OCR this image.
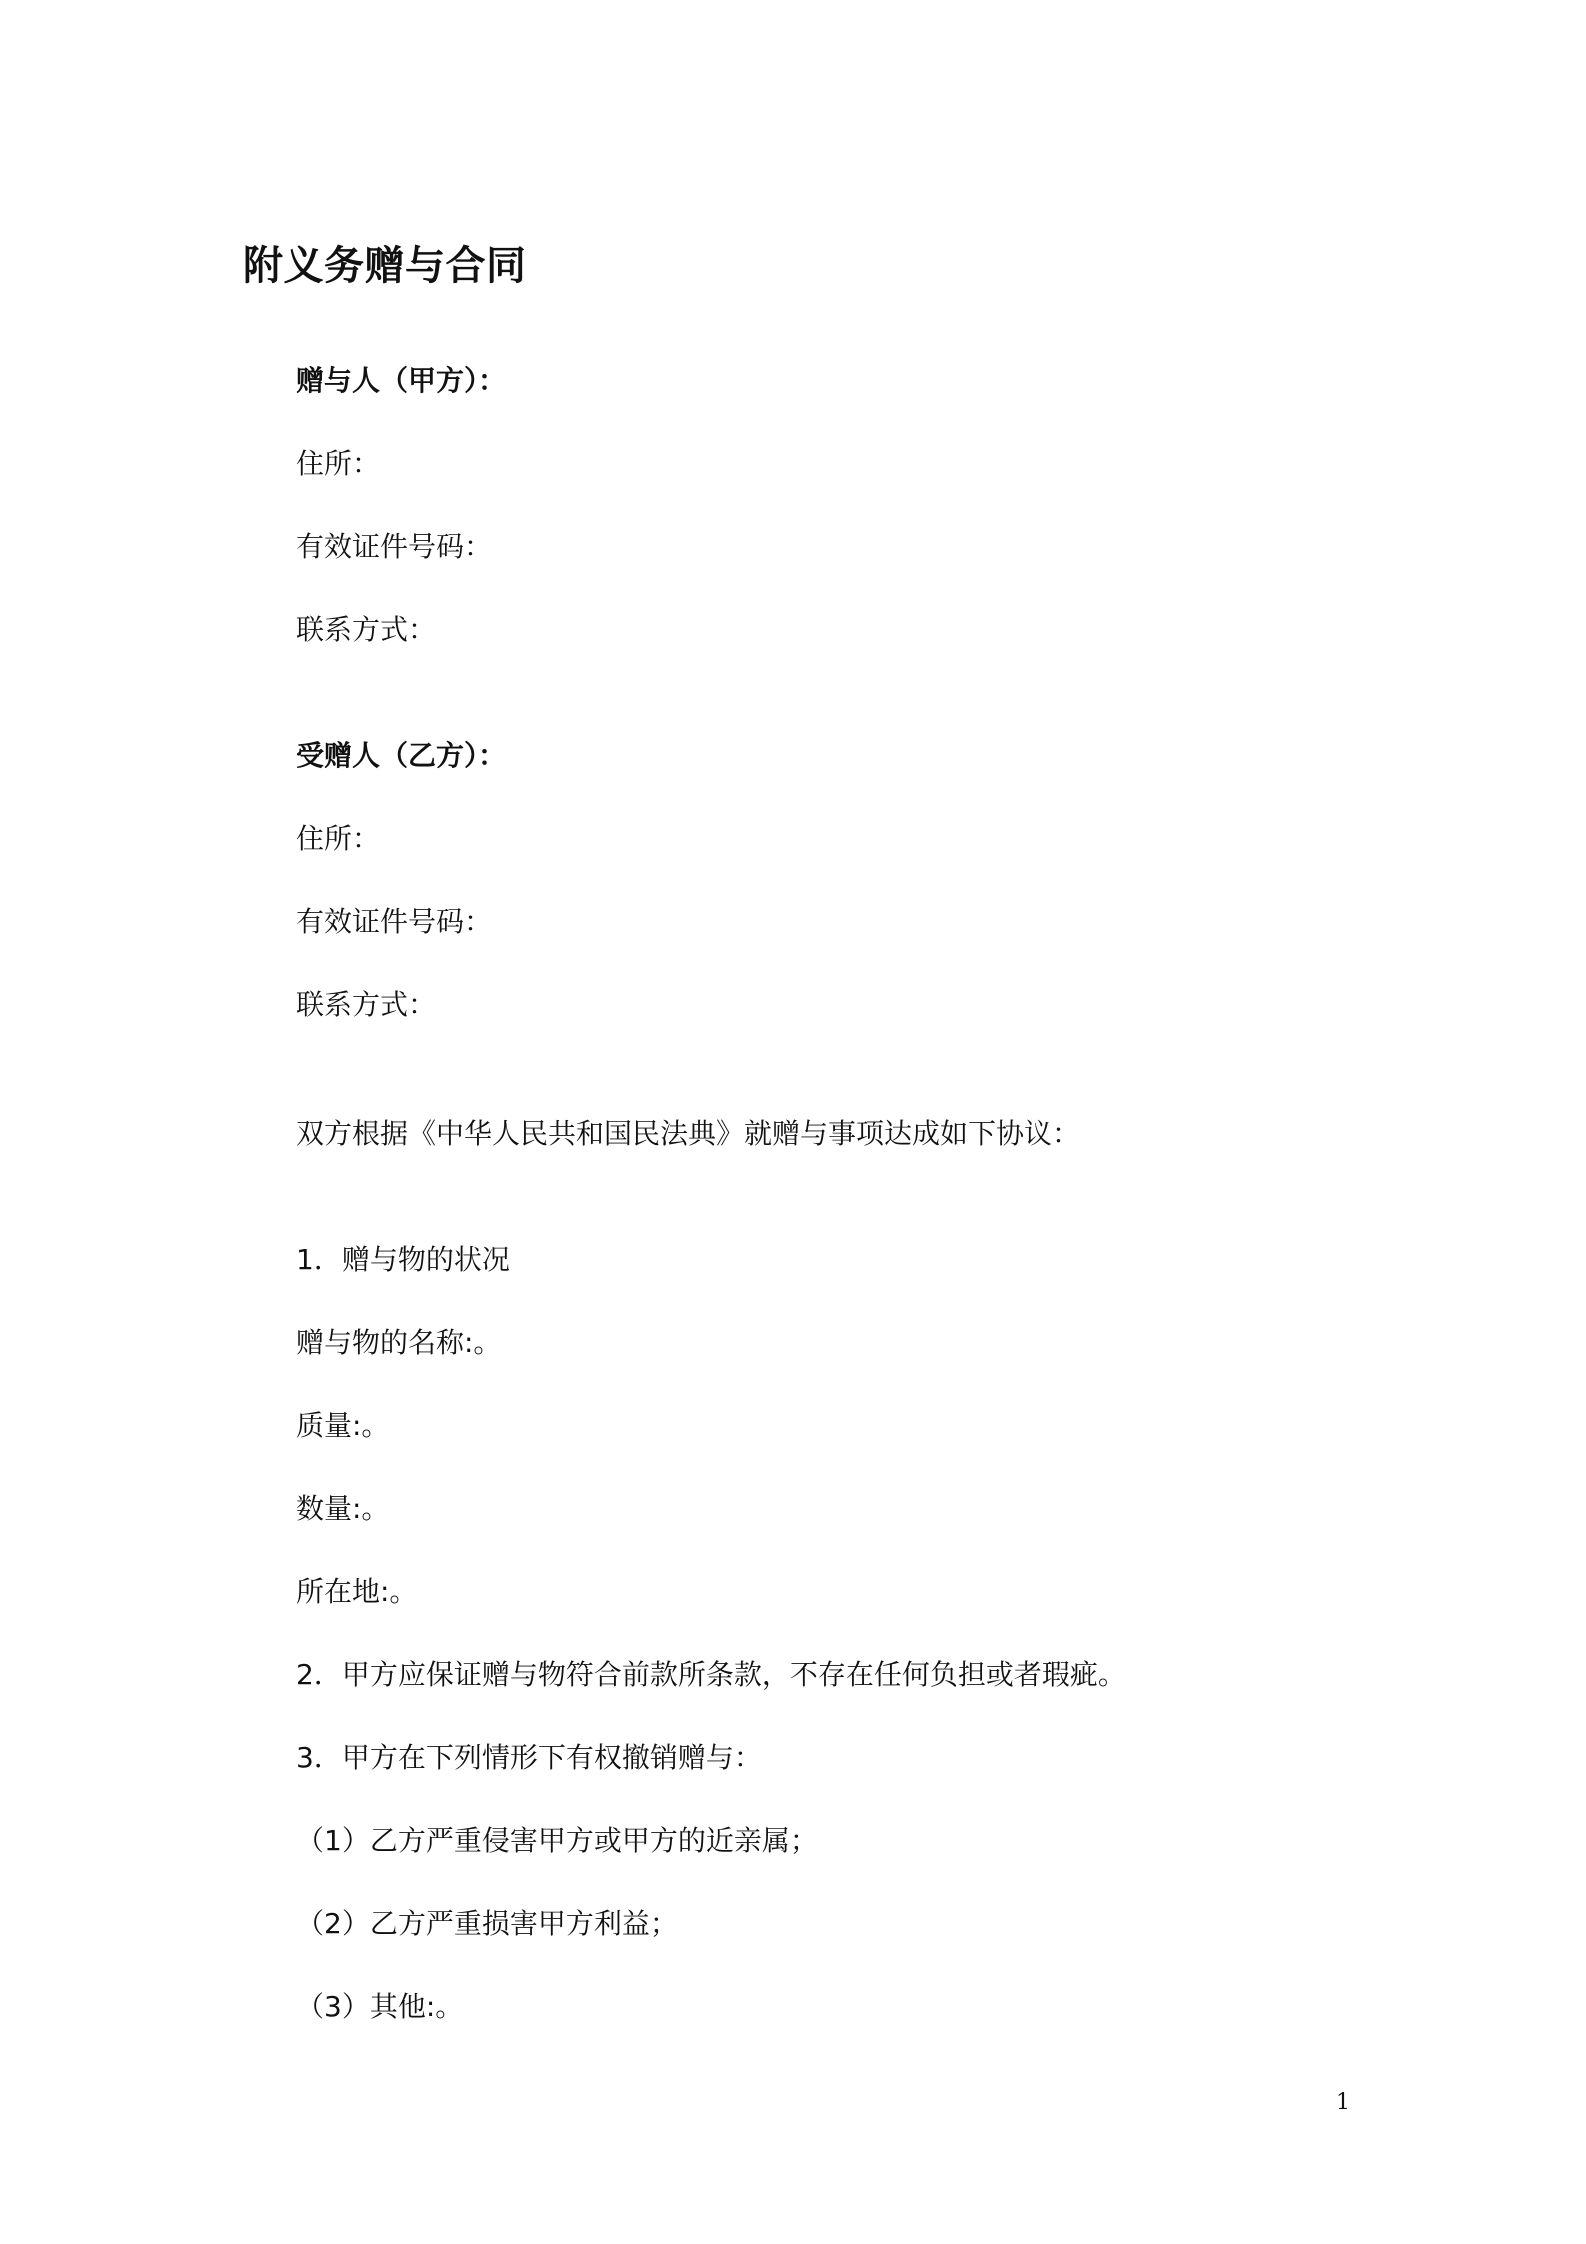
附义务赠与合同
赠与人（甲方）：
住所：
有效证件号码：
联系方式：
受赠人（乙方）：
住所：
有效证件号码：
联系方式：
双方根据《中华人民共和国民法典》就赠与事项达成如下协议：
1．赠与物的状况
赠与物的名称:。
质量:。
数量:。
所在地:。
2．甲方应保证赠与物符合前款所条款，不存在任何负担或者瑕疵。
3．甲方在下列情形下有权撤销赠与：
（1）乙方严重侵害甲方或甲方的近亲属；
（2）乙方严重损害甲方利益；
（3）其他:。
1
